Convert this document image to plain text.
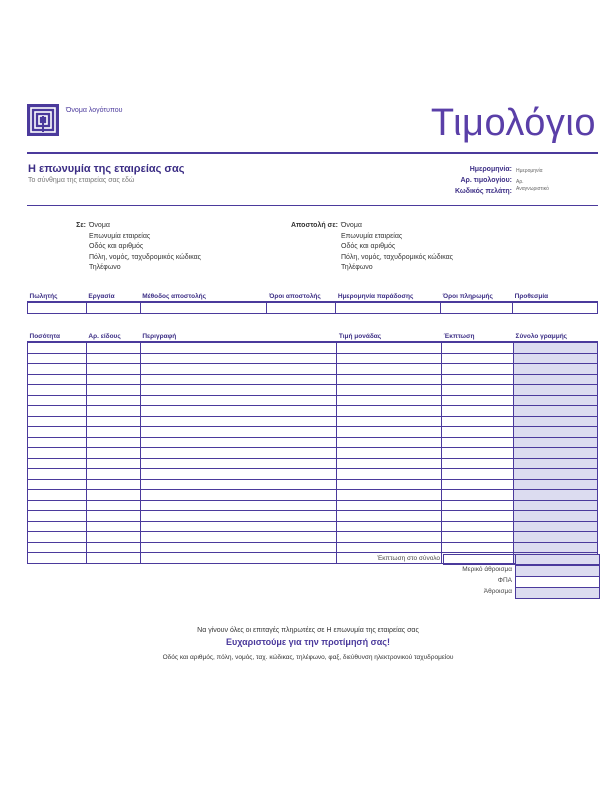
Όνομα λογότυπου	Τιμολόγιο
Η επωνυμία της εταιρείας σας
Το σύνθημα της εταιρείας σας εδώ
Ημερομηνία: Ημερομηνία
Αρ. τιμολογίου: Αρ.
Κωδικός πελάτη: Αναγνωριστικό
Σε: Όνομα
Επωνυμία εταιρείας
Οδός και αριθμός
Πόλη, νομός, ταχυδρομικός κώδικας
Τηλέφωνο
Αποστολή σε: Όνομα
Επωνυμία εταιρείας
Οδός και αριθμός
Πόλη, νομός, ταχυδρομικός κώδικας
Τηλέφωνο
Πωλητής	Εργασία	Μέθοδος αποστολής	Όροι αποστολής	Ημερομηνία παράδοσης	Όροι πληρωμής	Προθεσμία

Ποσότητα	Αρ. είδους	Περιγραφή	Τιμή μονάδας	Έκπτωση	Σύνολο γραμμής

Έκπτωση στο σύνολο
Μερικό άθροισμα
ΦΠΑ
Άθροισμα
Να γίνουν όλες οι επιταγές πληρωτέες σε Η επωνυμία της εταιρείας σας
Ευχαριστούμε για την προτίμησή σας!
Οδός και αριθμός, πόλη, νομός, ταχ. κώδικας, τηλέφωνο, φαξ, διεύθυνση ηλεκτρονικού ταχυδρομείου
